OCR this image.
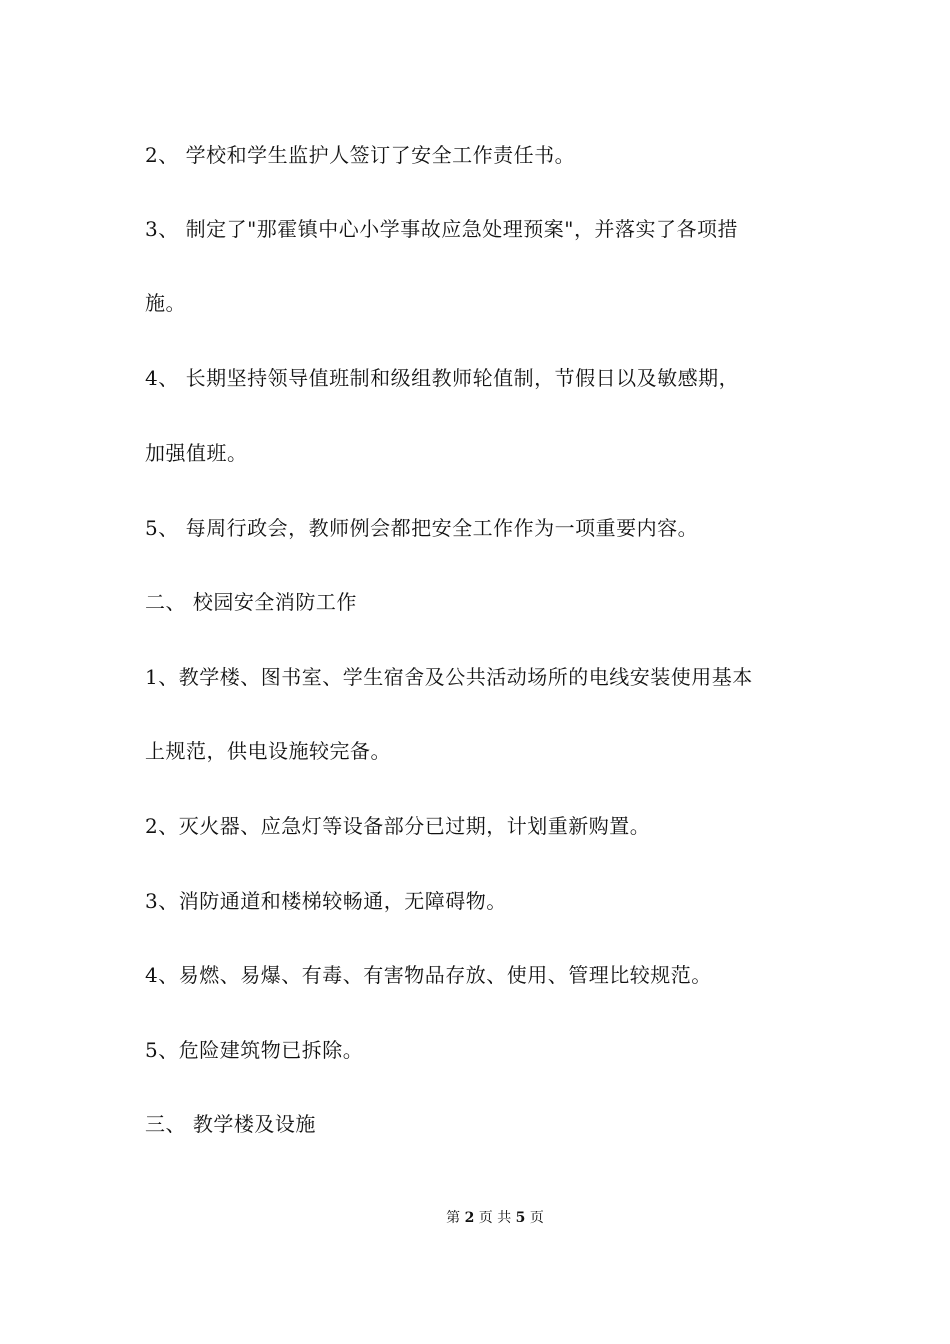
2、 学校和学生监护人签订了安全工作责任书。
3、 制定了"那霍镇中心小学事故应急处理预案"，并落实了各项措
施。
4、 长期坚持领导值班制和级组教师轮值制，节假日以及敏感期，
加强值班。
5、 每周行政会，教师例会都把安全工作作为一项重要内容。
二、 校园安全消防工作
1、教学楼、图书室、学生宿舍及公共活动场所的电线安装使用基本
上规范，供电设施较完备。
2、灭火器、应急灯等设备部分已过期，计划重新购置。
3、消防通道和楼梯较畅通，无障碍物。
4、易燃、易爆、有毒、有害物品存放、使用、管理比较规范。
5、危险建筑物已拆除。
三、 教学楼及设施
第 2 页 共 5 页
